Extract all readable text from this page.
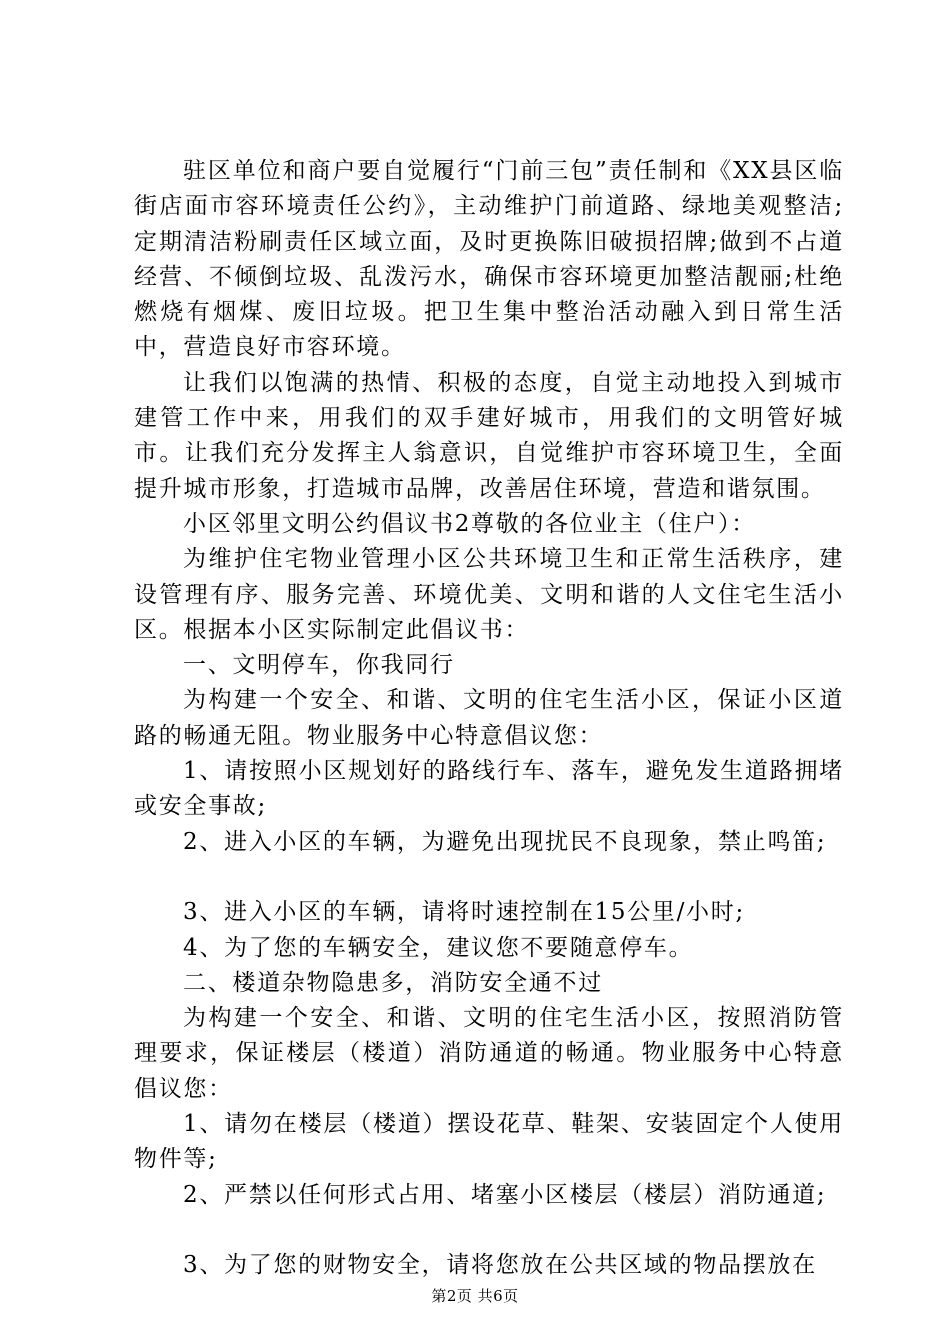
驻区单位和商户要自觉履行“门前三包”责任制和《XX县区临街店面市容环境责任公约》，主动维护门前道路、绿地美观整洁;定期清洁粉刷责任区域立面，及时更换陈旧破损招牌;做到不占道经营、不倾倒垃圾、乱泼污水，确保市容环境更加整洁靓丽;杜绝燃烧有烟煤、废旧垃圾。把卫生集中整治活动融入到日常生活中，营造良好市容环境。

让我们以饱满的热情、积极的态度，自觉主动地投入到城市建管工作中来，用我们的双手建好城市，用我们的文明管好城市。让我们充分发挥主人翁意识，自觉维护市容环境卫生，全面提升城市形象，打造城市品牌，改善居住环境，营造和谐氛围。

小区邻里文明公约倡议书2尊敬的各位业主（住户）：

为维护住宅物业管理小区公共环境卫生和正常生活秩序，建设管理有序、服务完善、环境优美、文明和谐的人文住宅生活小区。根据本小区实际制定此倡议书：

一、文明停车，你我同行

为构建一个安全、和谐、文明的住宅生活小区，保证小区道路的畅通无阻。物业服务中心特意倡议您：

1、请按照小区规划好的路线行车、落车，避免发生道路拥堵或安全事故;

2、进入小区的车辆，为避免出现扰民不良现象，禁止鸣笛;

3、进入小区的车辆，请将时速控制在15公里/小时;

4、为了您的车辆安全，建议您不要随意停车。

二、楼道杂物隐患多，消防安全通不过

为构建一个安全、和谐、文明的住宅生活小区，按照消防管理要求，保证楼层（楼道）消防通道的畅通。物业服务中心特意倡议您：

1、请勿在楼层（楼道）摆设花草、鞋架、安装固定个人使用物件等;

2、严禁以任何形式占用、堵塞小区楼层（楼层）消防通道;

3、为了您的财物安全，请将您放在公共区域的物品摆放在

第2页 共6页
